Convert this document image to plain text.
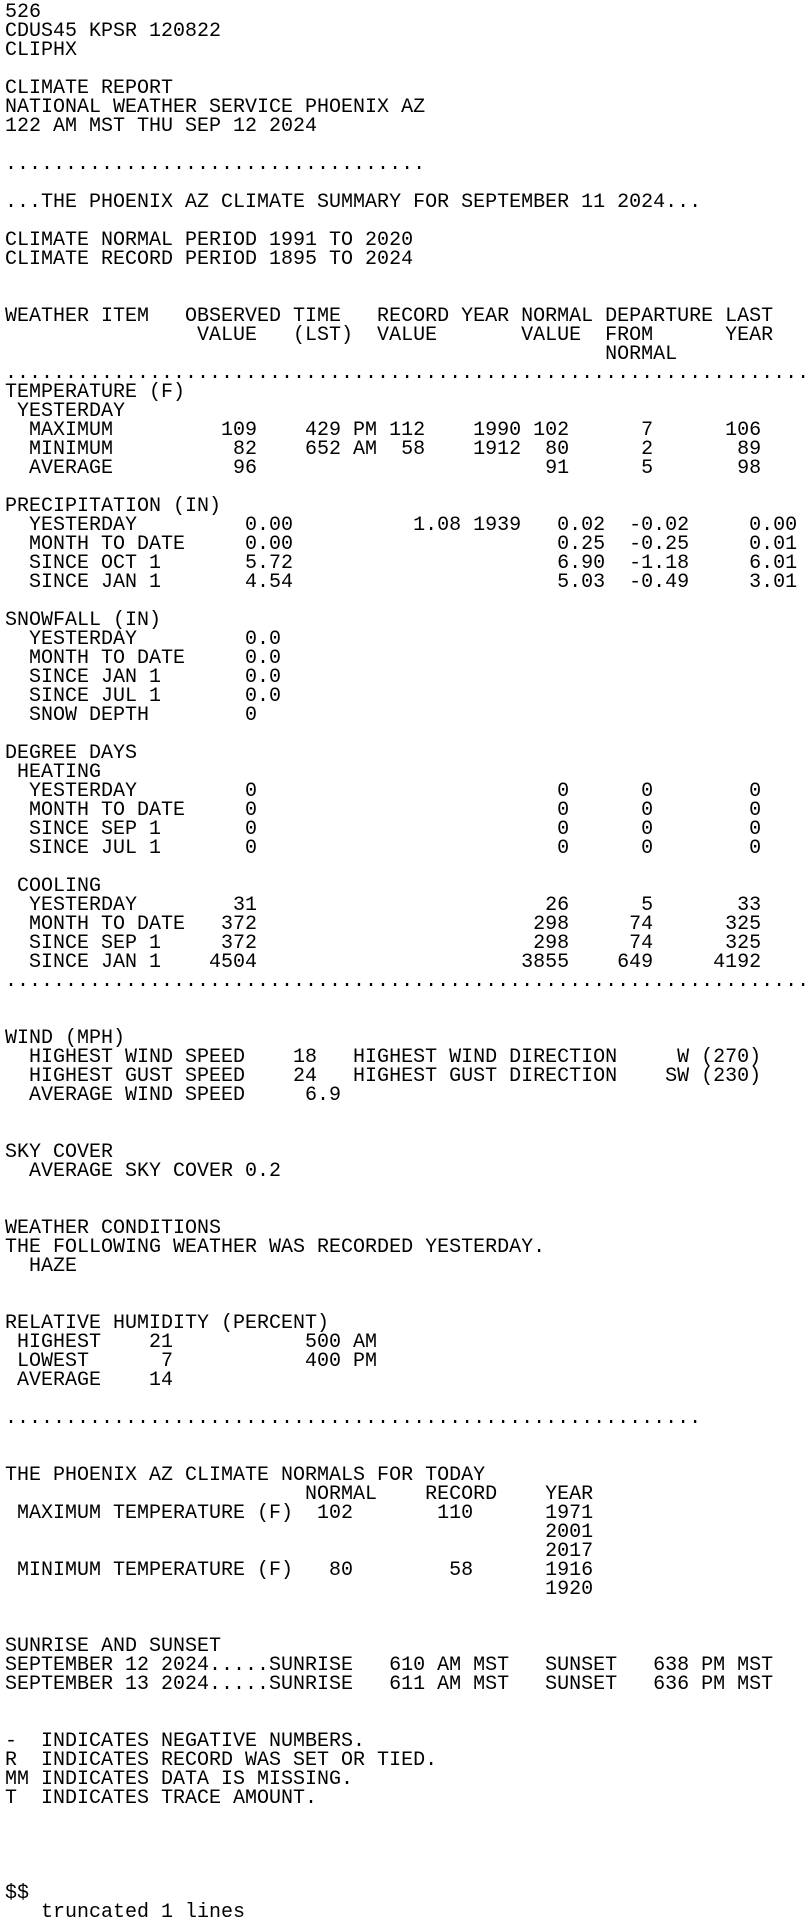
526
CDUS45 KPSR 120822
CLIPHX
CLIMATE REPORT
NATIONAL WEATHER SERVICE PHOENIX AZ
122 AM MST THU SEP 12 2024
...................................
...THE PHOENIX AZ CLIMATE SUMMARY FOR SEPTEMBER 11 2024...
CLIMATE NORMAL PERIOD 1991 TO 2020
CLIMATE RECORD PERIOD 1895 TO 2024
WEATHER ITEM   OBSERVED TIME   RECORD YEAR NORMAL DEPARTURE LAST
VALUE   (LST)  VALUE       VALUE  FROM      YEAR
NORMAL
...................................................................
TEMPERATURE (F)
YESTERDAY
MAXIMUM         109    429 PM 112    1990 102      7      106
MINIMUM          82    652 AM  58    1912  80      2       89
AVERAGE          96                        91      5       98
PRECIPITATION (IN)
YESTERDAY         0.00          1.08 1939   0.02  -0.02     0.00
MONTH TO DATE     0.00                      0.25  -0.25     0.01
SINCE OCT 1       5.72                      6.90  -1.18     6.01
SINCE JAN 1       4.54                      5.03  -0.49     3.01
SNOWFALL (IN)
YESTERDAY         0.0
MONTH TO DATE     0.0
SINCE JAN 1       0.0
SINCE JUL 1       0.0
SNOW DEPTH        0
DEGREE DAYS
HEATING
YESTERDAY         0                         0      0        0
MONTH TO DATE     0                         0      0        0
SINCE SEP 1       0                         0      0        0
SINCE JUL 1       0                         0      0        0
COOLING
YESTERDAY        31                        26      5       33
MONTH TO DATE   372                       298     74      325
SINCE SEP 1     372                       298     74      325
SINCE JAN 1    4504                      3855    649     4192
...................................................................
WIND (MPH)
HIGHEST WIND SPEED    18   HIGHEST WIND DIRECTION     W (270)
HIGHEST GUST SPEED    24   HIGHEST GUST DIRECTION    SW (230)
AVERAGE WIND SPEED     6.9
SKY COVER
AVERAGE SKY COVER 0.2
WEATHER CONDITIONS
THE FOLLOWING WEATHER WAS RECORDED YESTERDAY.
HAZE
RELATIVE HUMIDITY (PERCENT)
HIGHEST    21           500 AM
LOWEST      7           400 PM
AVERAGE    14
..........................................................
THE PHOENIX AZ CLIMATE NORMALS FOR TODAY
NORMAL    RECORD    YEAR
MAXIMUM TEMPERATURE (F)  102       110      1971
2001
2017
MINIMUM TEMPERATURE (F)   80        58      1916
1920
SUNRISE AND SUNSET
SEPTEMBER 12 2024.....SUNRISE   610 AM MST   SUNSET   638 PM MST
SEPTEMBER 13 2024.....SUNRISE   611 AM MST   SUNSET   636 PM MST
-  INDICATES NEGATIVE NUMBERS.
R  INDICATES RECORD WAS SET OR TIED.
MM INDICATES DATA IS MISSING.
T  INDICATES TRACE AMOUNT.
$$
truncated 1 lines
